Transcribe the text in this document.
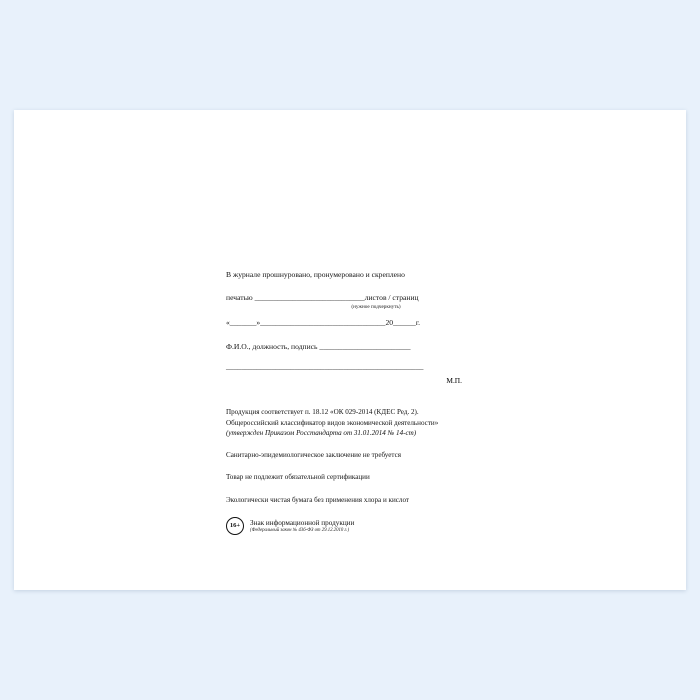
В журнале прошнуровано, пронумеровано и скреплено
печатью _____________________________листов / страниц
(нужное подчеркнуть)
«_______»_________________________________20______г.
Ф.И.О., должность, подпись ________________________
____________________________________________________
М.П.
Продукция соответствует п. 18.12 «ОК 029-2014 (КДЕС Ред. 2).
Общероссийский классификатор видов экономической деятельности»
(утвержден Приказом Росстандарта от 31.01.2014 № 14-ст)
Санитарно-эпидемиологическое заключение не требуется
Товар не подлежит обязательной сертификации
Экологически чистая бумага без применения хлора и кислот
16+	Знак информационной продукции
(Федеральный закон № 436-ФЗ от 29.12.2010 г.)
